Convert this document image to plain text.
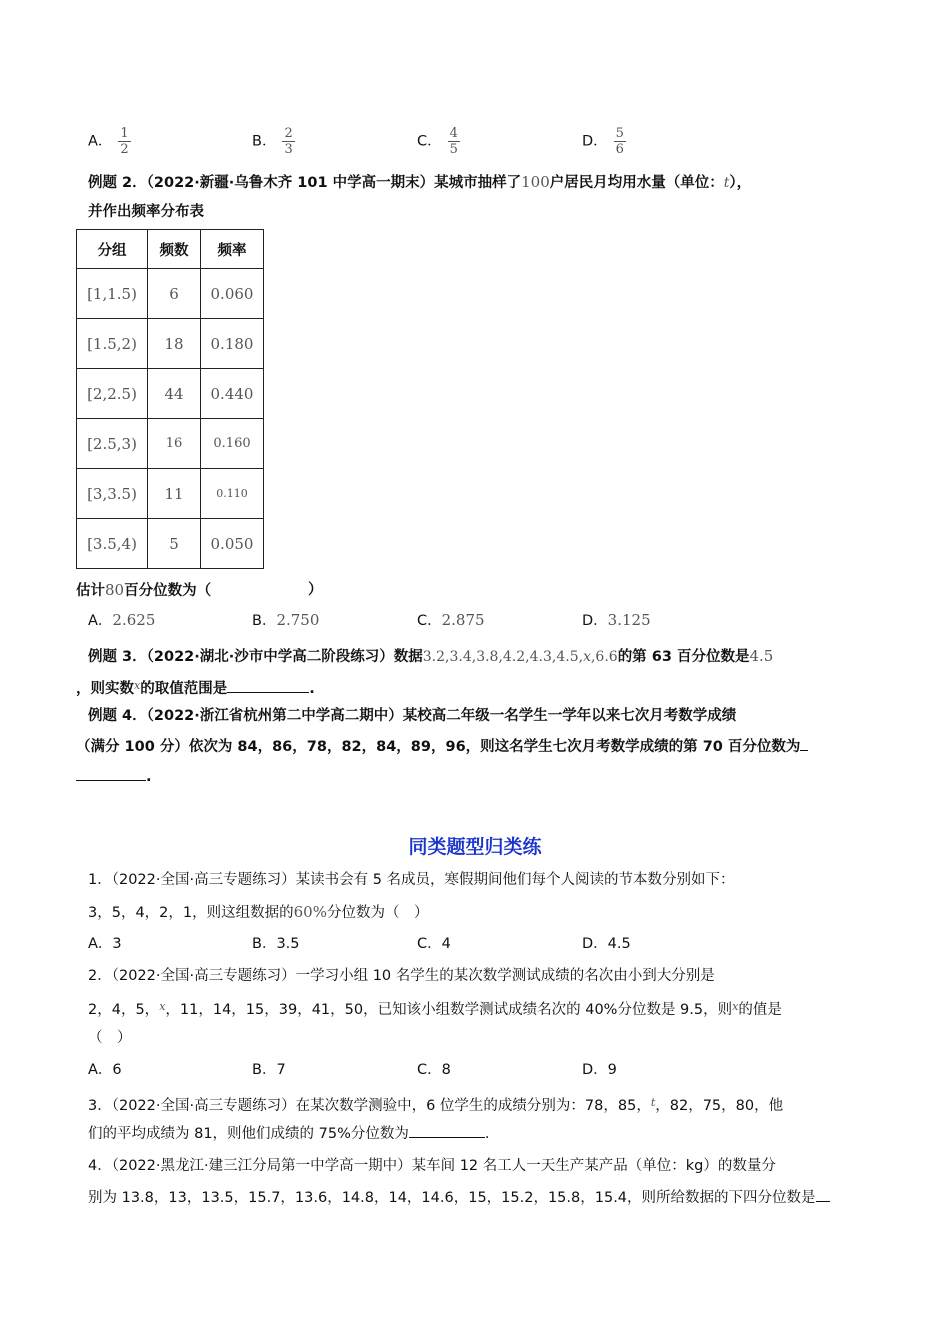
A． $\frac{1}{2}$	B． $\frac{2}{3}$	C． $\frac{4}{5}$	D． $\frac{5}{6}$
例题 2．（2022·新疆·乌鲁木齐 101 中学高一期末）某城市抽样了100户居民月均用水量（单位：t），
并作出频率分布表
分组	频数	频率
[1,1.5)	6	0.060
[1.5,2)	18	0.180
[2,2.5)	44	0.440
[2.5,3)	16	0.160
[3,3.5)	11	0.110
[3.5,4)	5	0.050
估计80百分位数为（	）
A．2.625	B．2.750	C．2.875	D．3.125
例题 3．（2022·湖北·沙市中学高二阶段练习）数据3.2,3.4,3.8,4.2,4.3,4.5,x,6.6的第 63 百分位数是4.5
，则实数$^x$的取值范围是	.
例题 4．（2022·浙江省杭州第二中学高二期中）某校高二年级一名学生一学年以来七次月考数学成绩
（满分 100 分）依次为 84，86，78，82，84，89，96，则这名学生七次月考数学成绩的第 70 百分位数为
.
同类题型归类练
1．（2022·全国·高三专题练习）某读书会有 5 名成员，寒假期间他们每个人阅读的节本数分别如下：
3，5，4，2，1，则这组数据的60%分位数为（　）
A．3	B．3.5	C．4	D．4.5
2．（2022·全国·高三专题练习）一学习小组 10 名学生的某次数学测试成绩的名次由小到大分别是
2，4，5，$^x$，11，14，15，39，41，50，已知该小组数学测试成绩名次的 40%分位数是 9.5，则$^x$的值是
（　）
A．6	B．7	C．8	D．9
3．（2022·全国·高三专题练习）在某次数学测验中，6 位学生的成绩分别为：78，85，$^t$，82，75，80，他
们的平均成绩为 81，则他们成绩的 75%分位数为	.
4．（2022·黑龙江·建三江分局第一中学高一期中）某车间 12 名工人一天生产某产品（单位：kg）的数量分
别为 13.8，13，13.5，15.7，13.6，14.8，14，14.6，15，15.2，15.8，15.4，则所给数据的下四分位数是
